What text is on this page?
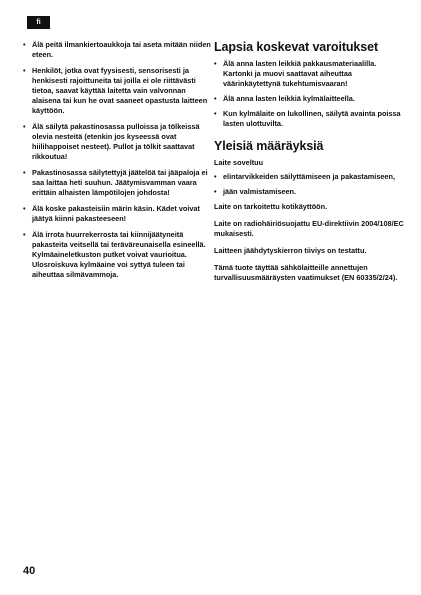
fi
• Älä peitä ilmankiertoaukkoja tai aseta mitään niiden eteen.
• Henkilöt, jotka ovat fyysisesti, sensorisesti ja henkisesti rajoittuneita tai joilla ei ole riittävästi tietoa, saavat käyttää laitetta vain valvonnan alaisena tai kun he ovat saaneet opastusta laitteen käyttöön.
• Älä säilytä pakastinosassa pulloissa ja tölkeissä olevia nesteitä (etenkin jos kyseessä ovat hiilihappoiset nesteet). Pullot ja tölkit saattavat rikkoutua!
• Pakastinosassa säilytettyjä jäätelöä tai jääpaloja ei saa laittaa heti suuhun. Jäätymisvamman vaara erittäin alhaisten lämpötilojen johdosta!
• Älä koske pakasteisiin märin käsin. Kädet voivat jäätyä kiinni pakasteeseen!
• Älä irrota huurrekerrosta tai kiinnijäätyneitä pakasteita veitsellä tai teräväreunaisella esineellä. Kylmäaineletkuston putket voivat vaurioitua. Ulosroiskuva kylmäaine voi syttyä tuleen tai aiheuttaa silmävammoja.
Lapsia koskevat varoitukset
• Älä anna lasten leikkiä pakkausmateriaalilla. Kartonki ja muovi saattavat aiheuttaa väärinkäytettynä tukehtumisvaaran!
• Älä anna lasten leikkiä kylmälaitteella.
• Kun kylmälaite on lukollinen, säilytä avainta poissa lasten ulottuvilta.
Yleisiä määräyksiä

Laite soveltuu

• elintarvikkeiden säilyttämiseen ja pakastamiseen,
• jään valmistamiseen.

Laite on tarkoitettu kotikäyttöön.

Laite on radiohäiriösuojattu EU-direktiivin 2004/108/EC mukaisesti.

Laitteen jäähdytyskierron tiiviys on testattu.

Tämä tuote täyttää sähkölaitteille annettujen turvallisuusmääräysten vaatimukset (EN 60335/2/24).

40
